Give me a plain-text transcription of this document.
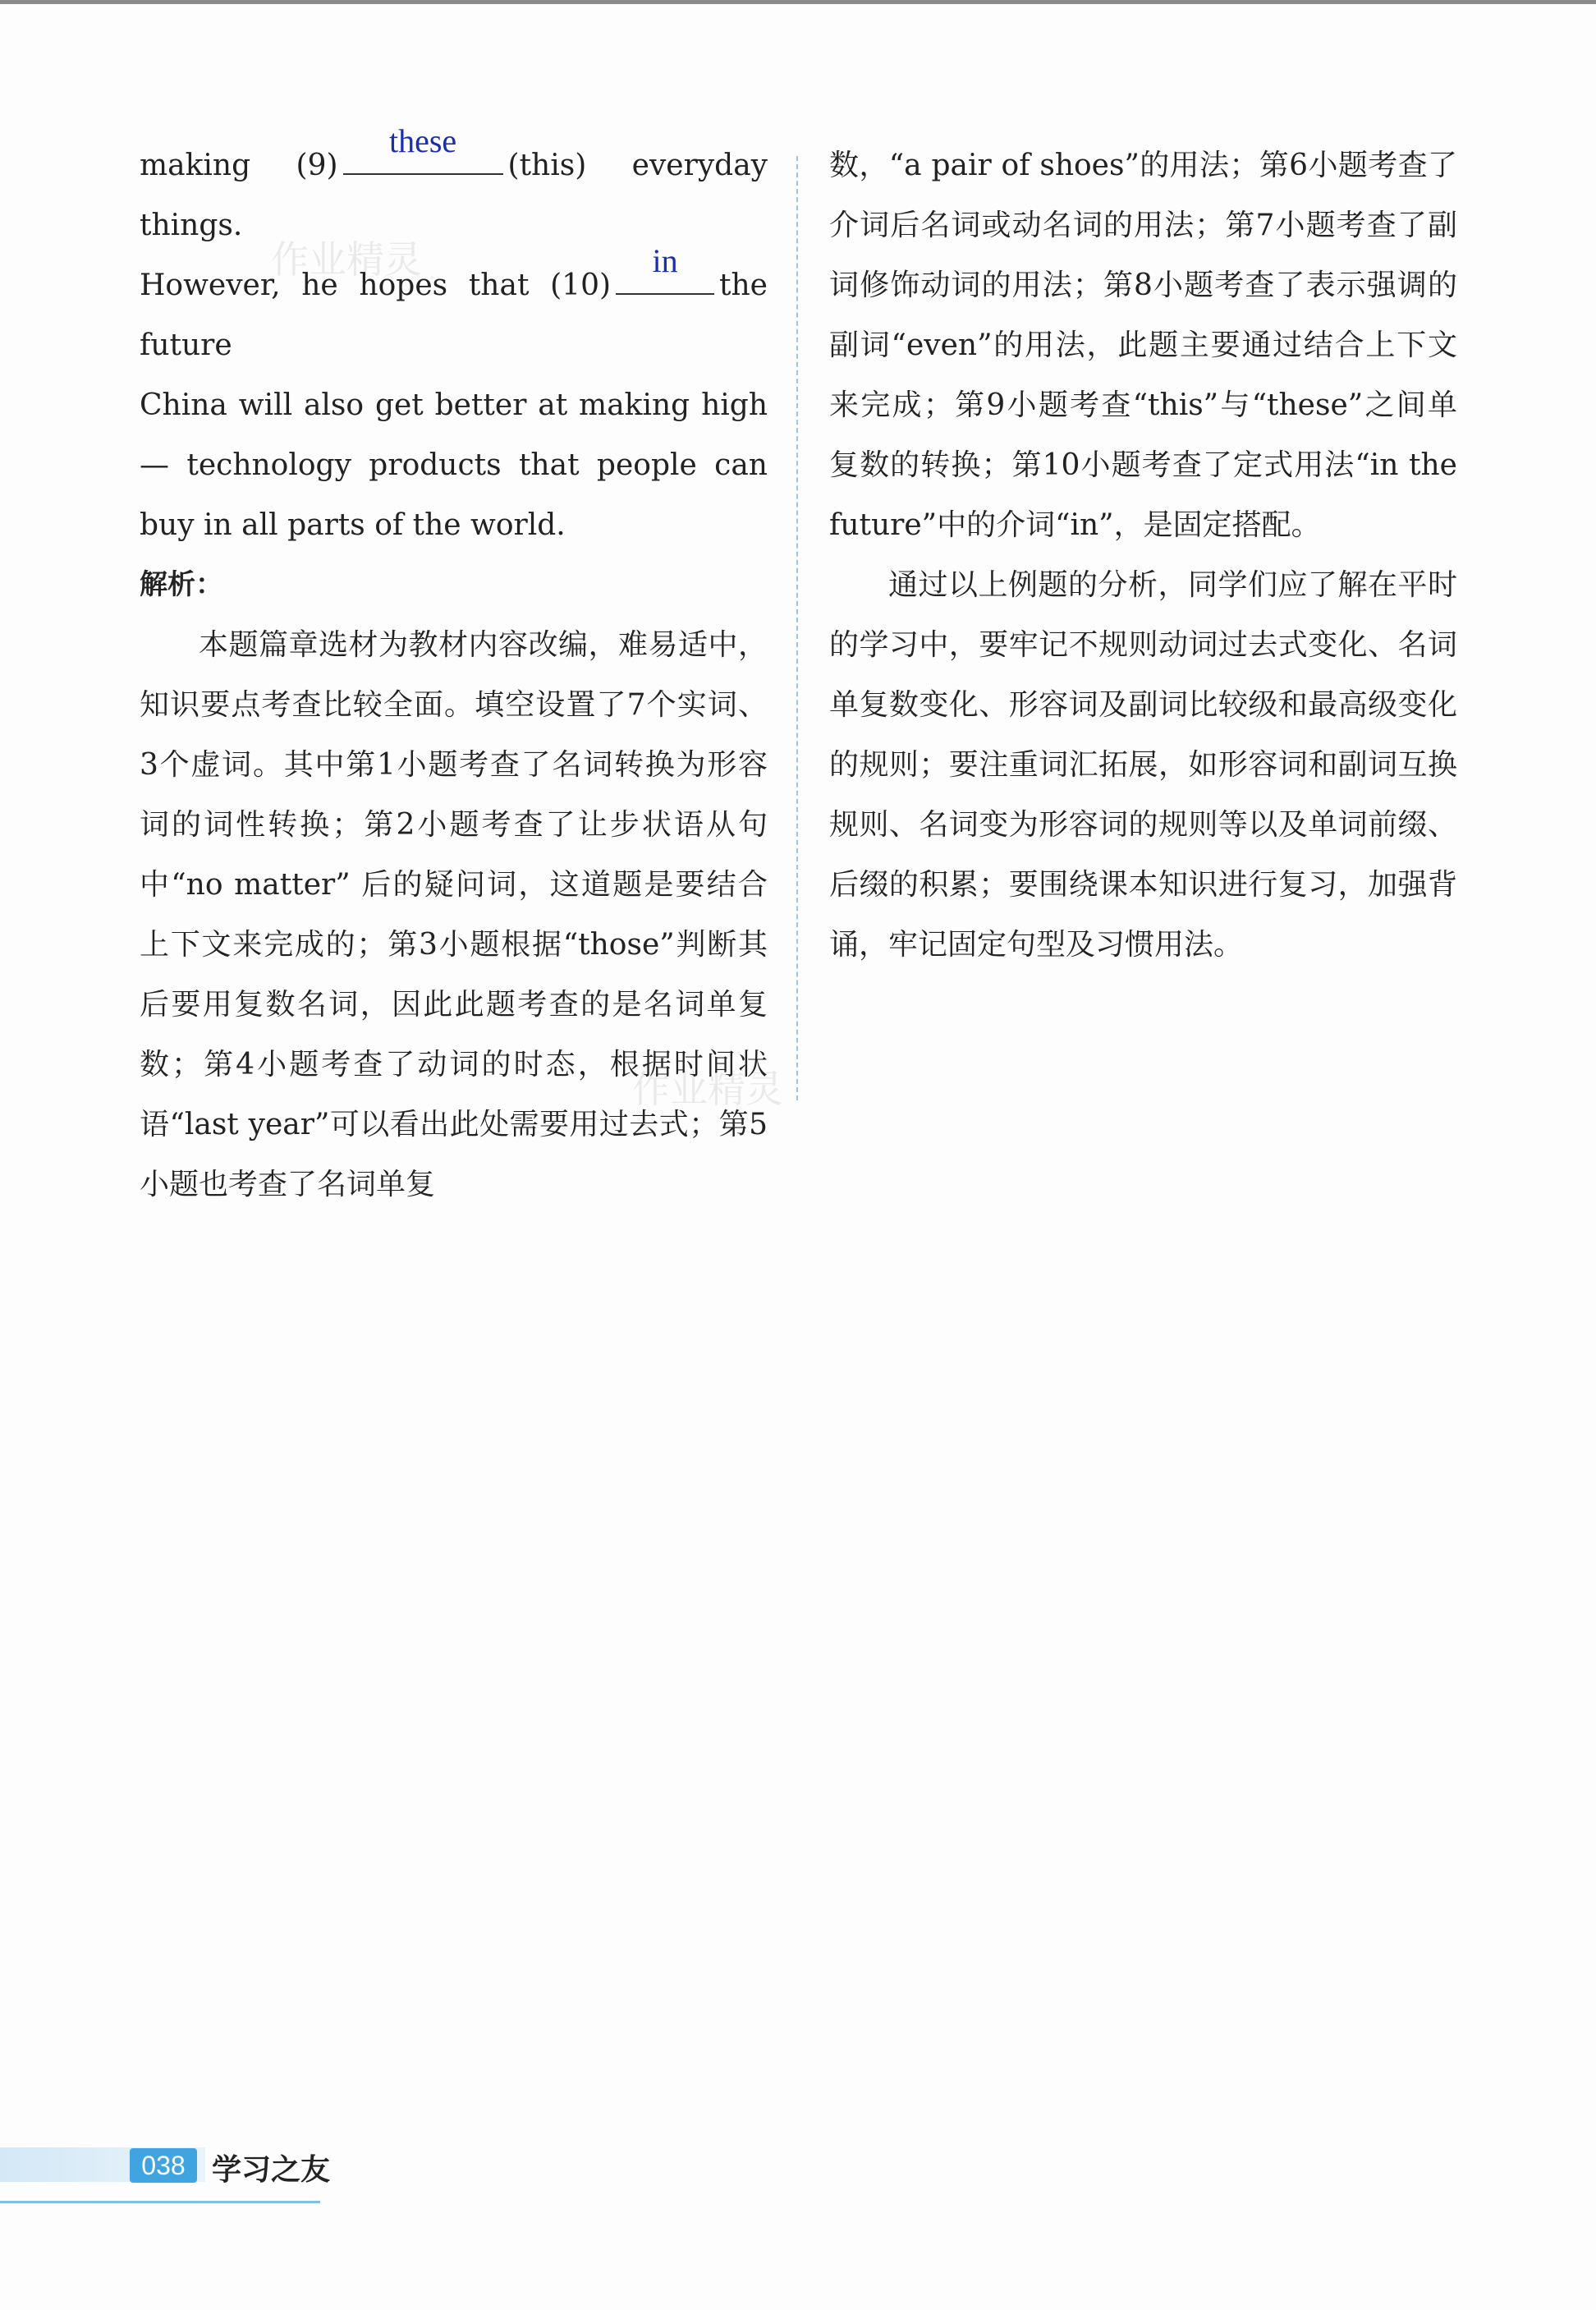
making (9)
these
(this) everyday things.

However, he hopes that (10)
in
the future

China will also get better at making high — technology products that people can buy in all parts of the world.

解析：

本题篇章选材为教材内容改编，难易适中，知识要点考查比较全面。填空设置了7个实词、3个虚词。其中第1小题考查了名词转换为形容词的词性转换；第2小题考查了让步状语从句中“no matter” 后的疑问词，这道题是要结合上下文来完成的；第3小题根据“those”判断其后要用复数名词，因此此题考查的是名词单复数；第4小题考查了动词的时态，根据时间状语“last year”可以看出此处需要用过去式；第5小题也考查了名词单复

数，“a pair of shoes”的用法；第6小题考查了介词后名词或动名词的用法；第7小题考查了副词修饰动词的用法；第8小题考查了表示强调的副词“even”的用法，此题主要通过结合上下文来完成；第9小题考查“this”与“these”之间单复数的转换；第10小题考查了定式用法“in the future”中的介词“in”，是固定搭配。

通过以上例题的分析，同学们应了解在平时的学习中，要牢记不规则动词过去式变化、名词单复数变化、形容词及副词比较级和最高级变化的规则；要注重词汇拓展，如形容词和副词互换规则、名词变为形容词的规则等以及单词前缀、后缀的积累；要围绕课本知识进行复习，加强背诵，牢记固定句型及习惯用法。

作业精灵
作业精灵
038 学习之友
